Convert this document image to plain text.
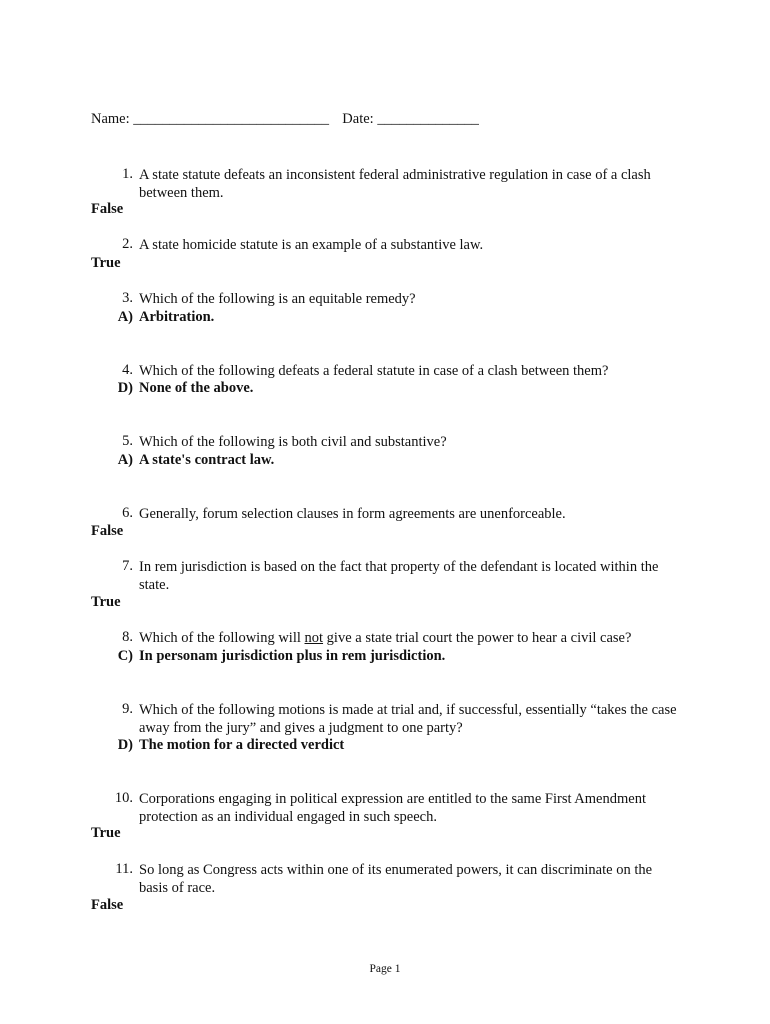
Name: ___________________________ Date: ______________
1. A state statute defeats an inconsistent federal administrative regulation in case of a clash between them.
False
2. A state homicide statute is an example of a substantive law.
True
3. Which of the following is an equitable remedy?
A) Arbitration.
4. Which of the following defeats a federal statute in case of a clash between them?
D) None of the above.
5. Which of the following is both civil and substantive?
A) A state's contract law.
6. Generally, forum selection clauses in form agreements are unenforceable.
False
7. In rem jurisdiction is based on the fact that property of the defendant is located within the state.
True
8. Which of the following will not give a state trial court the power to hear a civil case?
C) In personam jurisdiction plus in rem jurisdiction.
9. Which of the following motions is made at trial and, if successful, essentially “takes the case away from the jury” and gives a judgment to one party?
D) The motion for a directed verdict
10. Corporations engaging in political expression are entitled to the same First Amendment protection as an individual engaged in such speech.
True
11. So long as Congress acts within one of its enumerated powers, it can discriminate on the basis of race.
False
Page 1
